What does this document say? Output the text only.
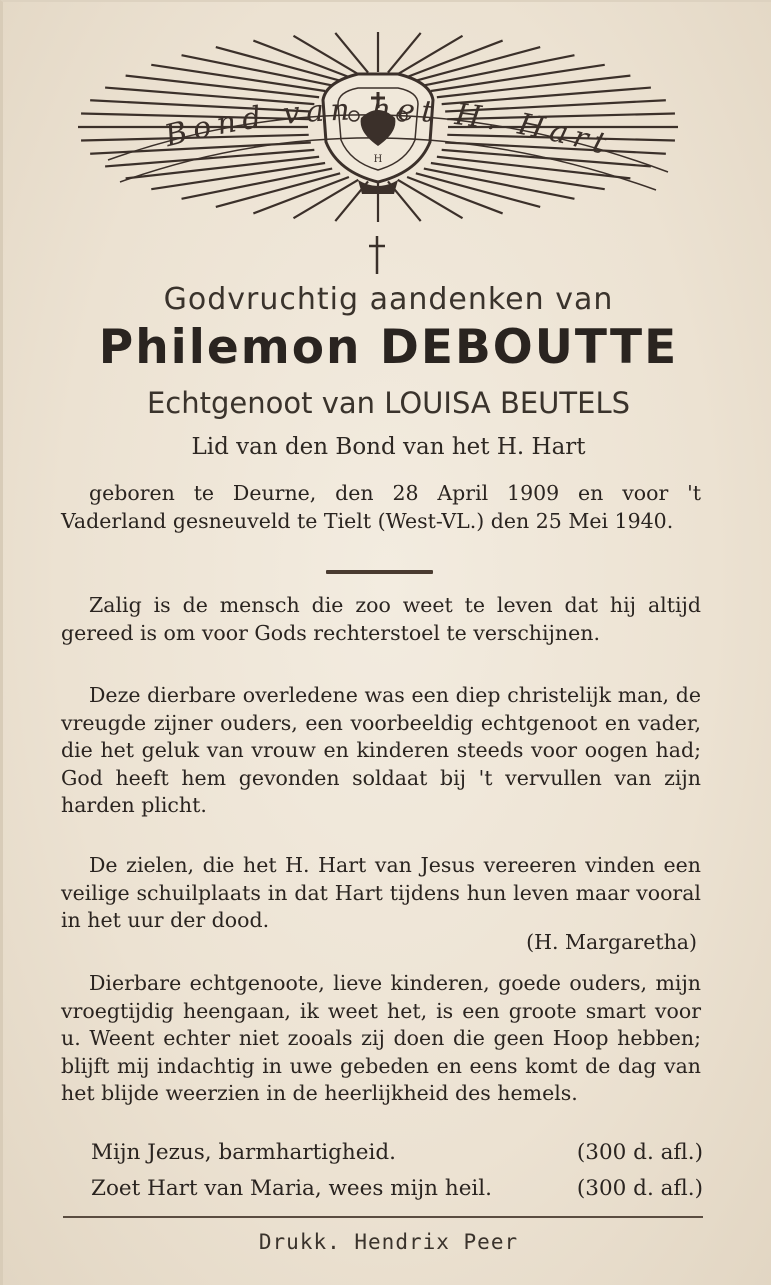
H
Bond van het H. Hart
Godvruchtig aandenken van
Philemon DEBOUTTE
Echtgenoot van LOUISA BEUTELS
Lid van den Bond van het H. Hart

geboren te Deurne, den 28 April 1909 en voor 't Vaderland gesneuveld te Tielt (West-VL.) den 25 Mei 1940.

Zalig is de mensch die zoo weet te leven dat hij altijd gereed is om voor Gods rechterstoel te verschijnen.

Deze dierbare overledene was een diep christelijk man, de vreugde zijner ouders, een voorbeeldig echtgenoot en vader, die het geluk van vrouw en kinderen steeds voor oogen had; God heeft hem gevonden soldaat bij 't vervullen van zijn harden plicht.

De zielen, die het H. Hart van Jesus vereeren vinden een veilige schuilplaats in dat Hart tijdens hun leven maar vooral in het uur der dood.

(H. Margaretha)

Dierbare echtgenoote, lieve kinderen, goede ouders, mijn vroegtijdig heengaan, ik weet het, is een groote smart voor u. Weent echter niet zooals zij doen die geen Hoop hebben; blijft mij indachtig in uwe gebeden en eens komt de dag van het blijde weerzien in de heerlijkheid des hemels.

Mijn Jezus, barmhartigheid.	(300 d. afl.)
Zoet Hart van Maria, wees mijn heil.	(300 d. afl.)
Drukk. Hendrix Peer
